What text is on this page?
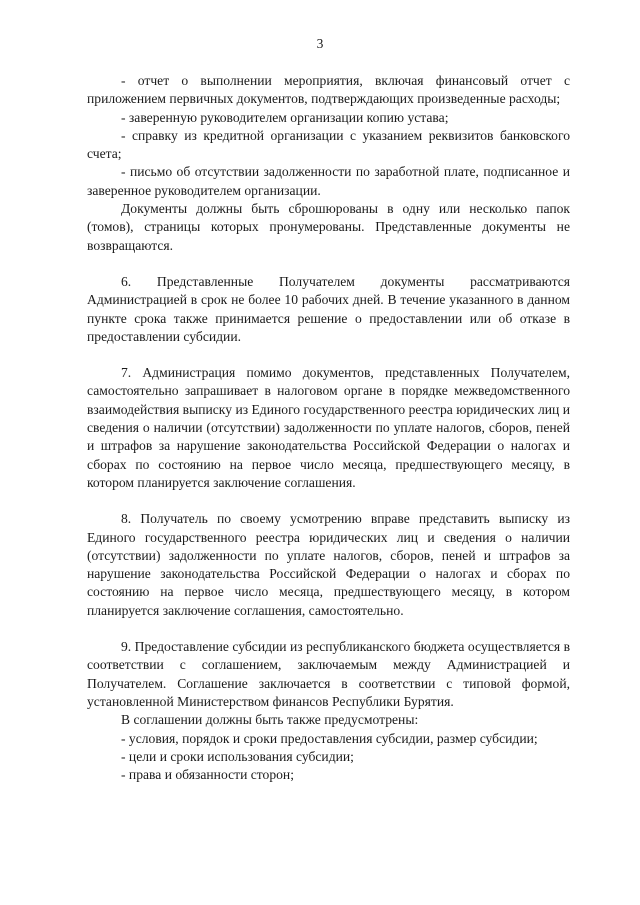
3

- отчет о выполнении мероприятия, включая финансовый отчет с приложением первичных документов, подтверждающих произведенные расходы;

- заверенную руководителем организации копию устава;

- справку из кредитной организации с указанием реквизитов банковского счета;

- письмо об отсутствии задолженности по заработной плате, подписанное и заверенное руководителем организации.

Документы должны быть сброшюрованы в одну или несколько папок (томов), страницы которых пронумерованы. Представленные документы не возвращаются.

6. Представленные Получателем документы рассматриваются Администрацией в срок не более 10 рабочих дней. В течение указанного в данном пункте срока также принимается решение о предоставлении или об отказе в предоставлении субсидии.

7. Администрация помимо документов, представленных Получателем, самостоятельно запрашивает в налоговом органе в порядке межведомственного взаимодействия выписку из Единого государственного реестра юридических лиц и сведения о наличии (отсутствии) задолженности по уплате налогов, сборов, пеней и штрафов за нарушение законодательства Российской Федерации о налогах и сборах по состоянию на первое число месяца, предшествующего месяцу, в котором планируется заключение соглашения.

8. Получатель по своему усмотрению вправе представить выписку из Единого государственного реестра юридических лиц и сведения о наличии (отсутствии) задолженности по уплате налогов, сборов, пеней и штрафов за нарушение законодательства Российской Федерации о налогах и сборах по состоянию на первое число месяца, предшествующего месяцу, в котором планируется заключение соглашения, самостоятельно.

9. Предоставление субсидии из республиканского бюджета осуществляется в соответствии с соглашением, заключаемым между Администрацией и Получателем. Соглашение заключается в соответствии с типовой формой, установленной Министерством финансов Республики Бурятия.

В соглашении должны быть также предусмотрены:

- условия, порядок и сроки предоставления субсидии, размер субсидии;

- цели и сроки использования субсидии;

- права и обязанности сторон;
